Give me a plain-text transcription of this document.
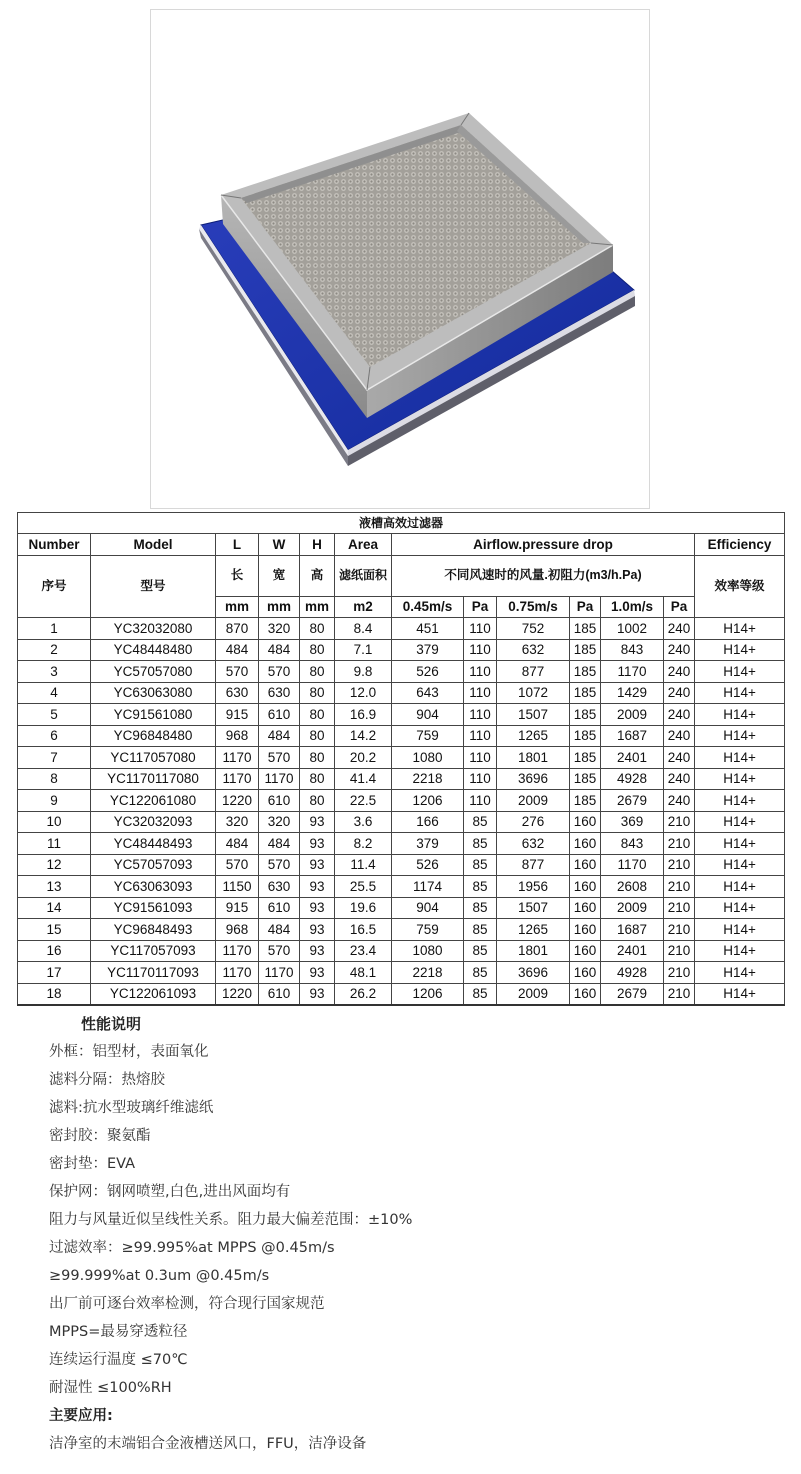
液槽高效过滤器												
Number	Model	L	W	H	Area	Airflow.pressure drop						Efficiency
序号	型号	长	宽	高	滤纸面积	不同风速时的风量.初阻力(m3/h.Pa)						效率等级
		mm	mm	mm	m2	0.45m/s	Pa	0.75m/s	Pa	1.0m/s	Pa	
1	YC32032080	870	320	80	8.4	451	110	752	185	1002	240	H14+
2	YC48448480	484	484	80	7.1	379	110	632	185	843	240	H14+
3	YC57057080	570	570	80	9.8	526	110	877	185	1170	240	H14+
4	YC63063080	630	630	80	12.0	643	110	1072	185	1429	240	H14+
5	YC91561080	915	610	80	16.9	904	110	1507	185	2009	240	H14+
6	YC96848480	968	484	80	14.2	759	110	1265	185	1687	240	H14+
7	YC117057080	1170	570	80	20.2	1080	110	1801	185	2401	240	H14+
8	YC1170117080	1170	1170	80	41.4	2218	110	3696	185	4928	240	H14+
9	YC122061080	1220	610	80	22.5	1206	110	2009	185	2679	240	H14+
10	YC32032093	320	320	93	3.6	166	85	276	160	369	210	H14+
11	YC48448493	484	484	93	8.2	379	85	632	160	843	210	H14+
12	YC57057093	570	570	93	11.4	526	85	877	160	1170	210	H14+
13	YC63063093	1150	630	93	25.5	1174	85	1956	160	2608	210	H14+
14	YC91561093	915	610	93	19.6	904	85	1507	160	2009	210	H14+
15	YC96848493	968	484	93	16.5	759	85	1265	160	1687	210	H14+
16	YC117057093	1170	570	93	23.4	1080	85	1801	160	2401	210	H14+
17	YC1170117093	1170	1170	93	48.1	2218	85	3696	160	4928	210	H14+
18	YC122061093	1220	610	93	26.2	1206	85	2009	160	2679	210	H14+
性能说明
外框：铝型材，表面氧化
滤料分隔：热熔胶
滤料:抗水型玻璃纤维滤纸
密封胶：聚氨酯
密封垫：EVA
保护网：钢网喷塑,白色,进出风面均有
阻力与风量近似呈线性关系。阻力最大偏差范围：±10%
过滤效率：≥99.995%at MPPS @0.45m/s
≥99.999%at 0.3um @0.45m/s
出厂前可逐台效率检测，符合现行国家规范
MPPS=最易穿透粒径
连续运行温度 ≤70℃
耐湿性 ≤100%RH
主要应用:
洁净室的末端铝合金液槽送风口，FFU，洁净设备
